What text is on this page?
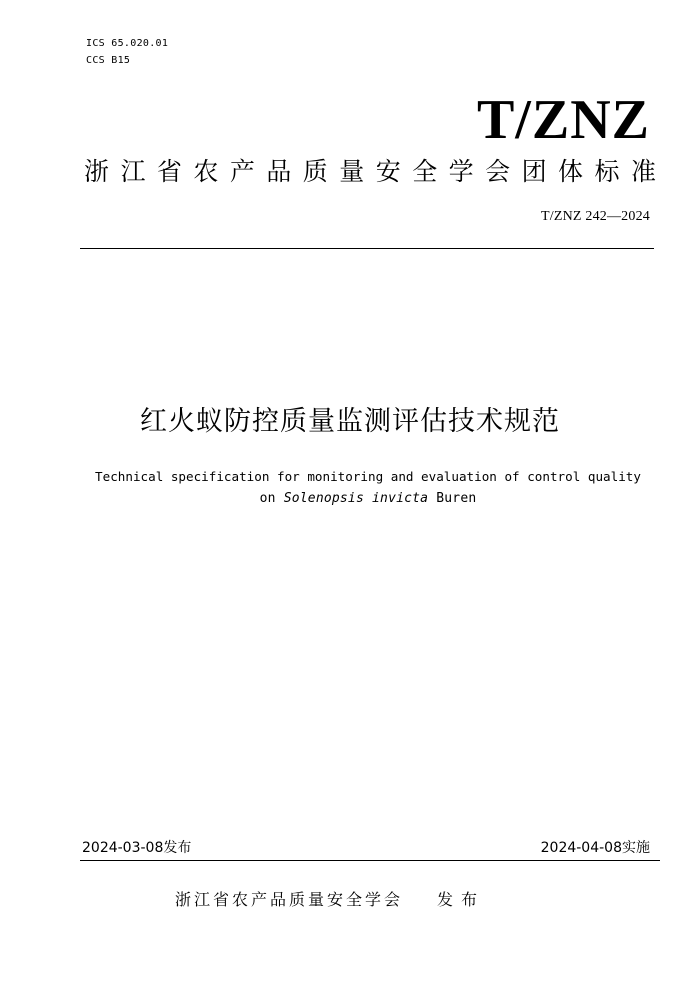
ICS 65.020.01
CCS B15
T/ZNZ
浙江省农产品质量安全学会团体标准
T/ZNZ 242—2024
红火蚁防控质量监测评估技术规范
Technical specification for monitoring and evaluation of control quality
on Solenopsis invicta Buren
2024-03-08发布	2024-04-08实施
浙江省农产品质量安全学会 发布
